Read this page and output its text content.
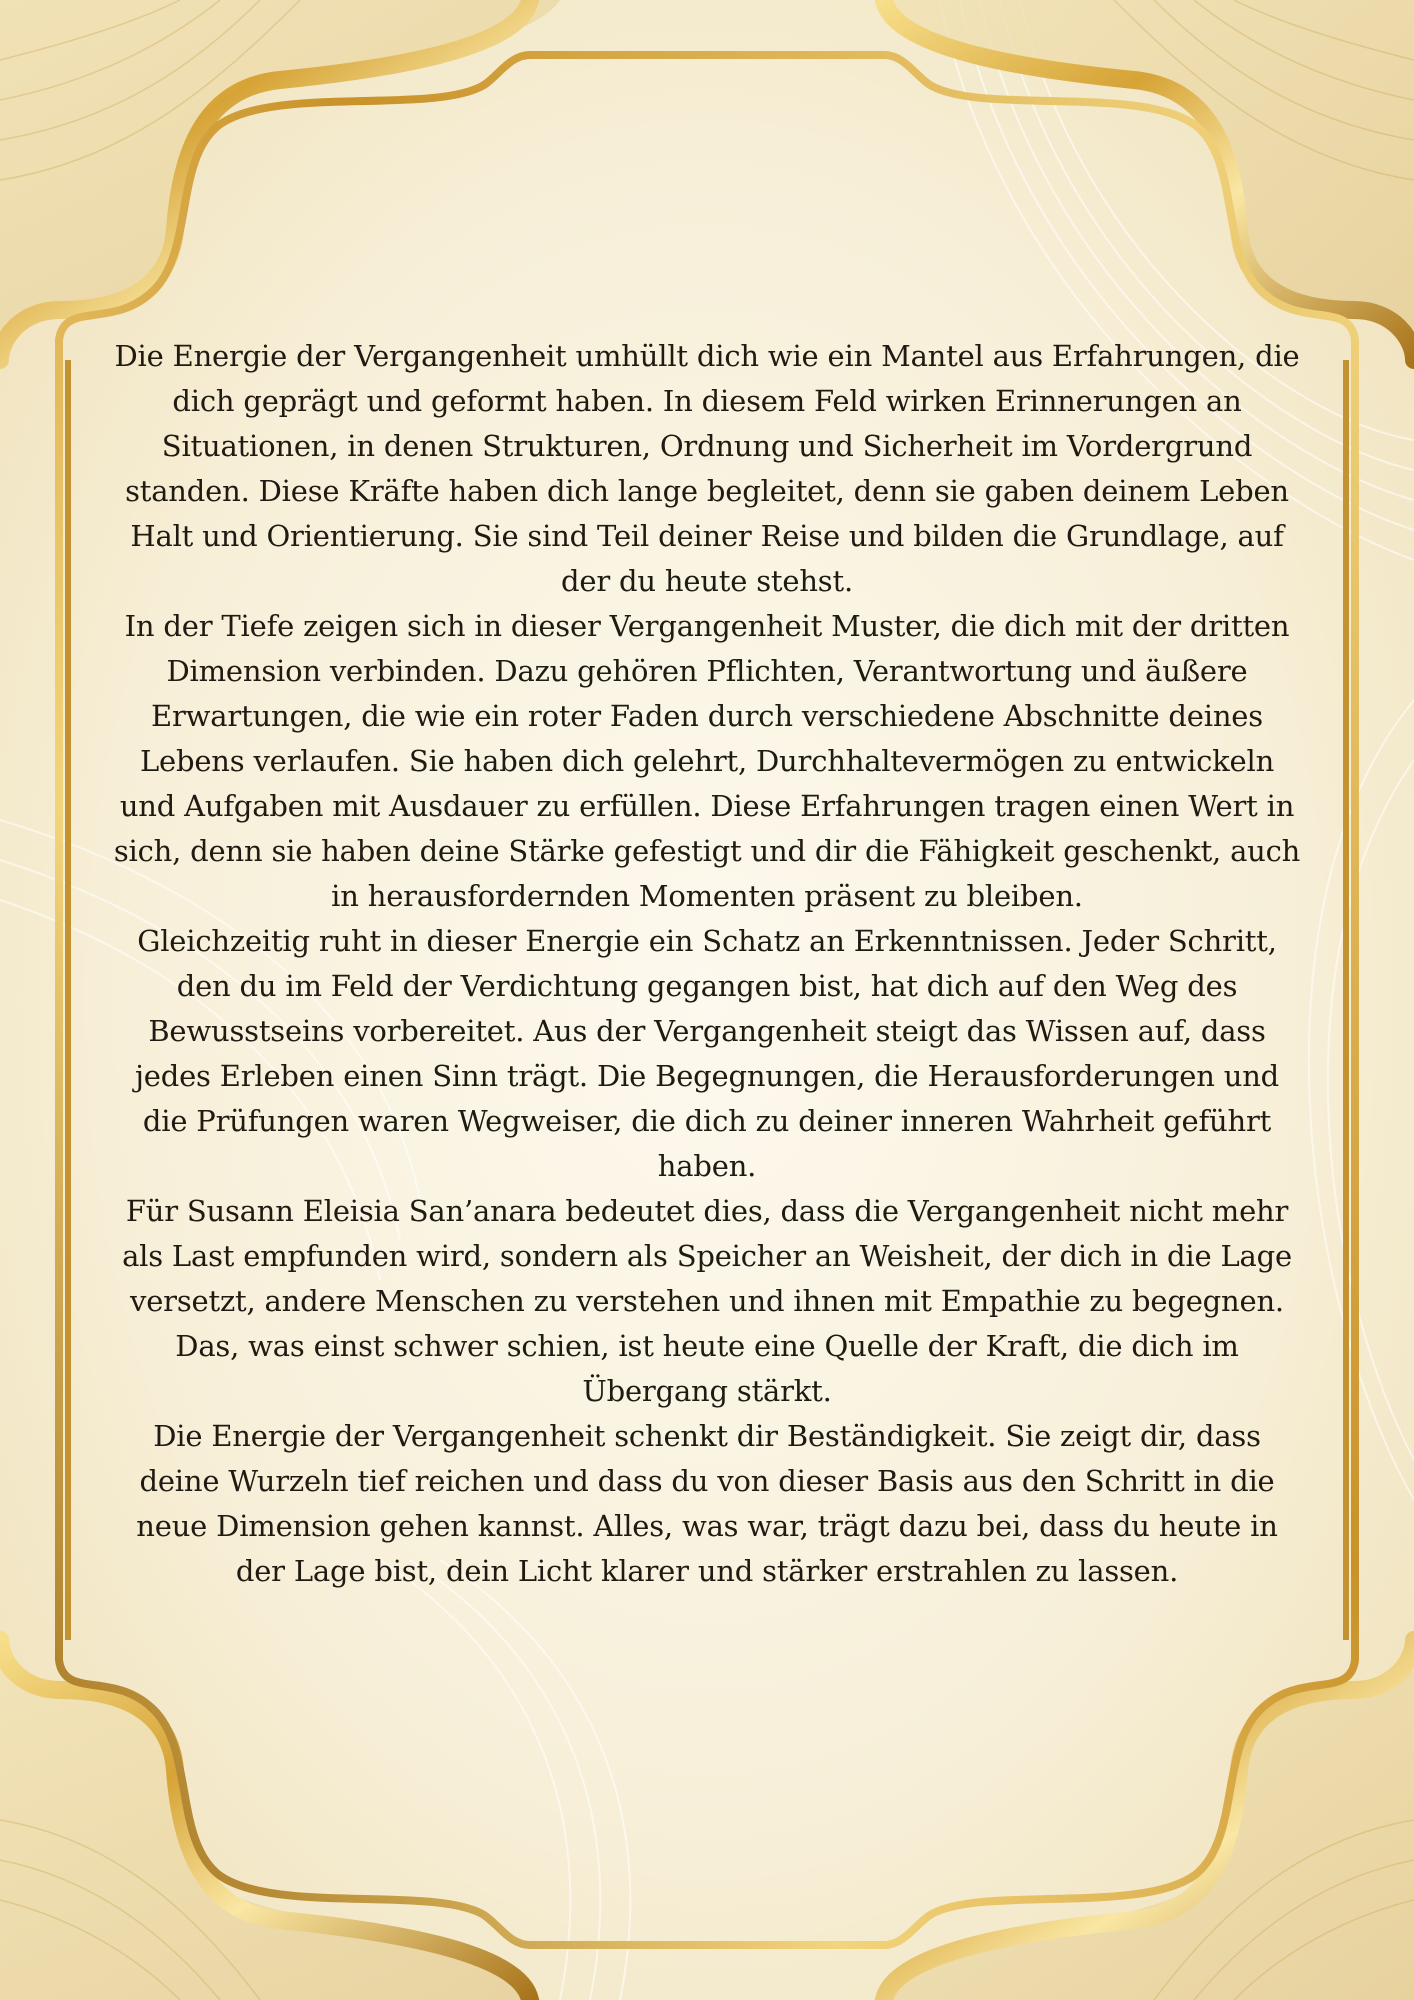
Die Energie der Vergangenheit umhüllt dich wie ein Mantel aus Erfahrungen, die dich geprägt und geformt haben. In diesem Feld wirken Erinnerungen an Situationen, in denen Strukturen, Ordnung und Sicherheit im Vordergrund standen. Diese Kräfte haben dich lange begleitet, denn sie gaben deinem Leben Halt und Orientierung. Sie sind Teil deiner Reise und bilden die Grundlage, auf der du heute stehst.

In der Tiefe zeigen sich in dieser Vergangenheit Muster, die dich mit der dritten Dimension verbinden. Dazu gehören Pflichten, Verantwortung und äußere Erwartungen, die wie ein roter Faden durch verschiedene Abschnitte deines Lebens verlaufen. Sie haben dich gelehrt, Durchhaltevermögen zu entwickeln und Aufgaben mit Ausdauer zu erfüllen. Diese Erfahrungen tragen einen Wert in sich, denn sie haben deine Stärke gefestigt und dir die Fähigkeit geschenkt, auch in herausfordernden Momenten präsent zu bleiben.

Gleichzeitig ruht in dieser Energie ein Schatz an Erkenntnissen. Jeder Schritt, den du im Feld der Verdichtung gegangen bist, hat dich auf den Weg des Bewusstseins vorbereitet. Aus der Vergangenheit steigt das Wissen auf, dass jedes Erleben einen Sinn trägt. Die Begegnungen, die Herausforderungen und die Prüfungen waren Wegweiser, die dich zu deiner inneren Wahrheit geführt haben.

Für Susann Eleisia San’anara bedeutet dies, dass die Vergangenheit nicht mehr als Last empfunden wird, sondern als Speicher an Weisheit, der dich in die Lage versetzt, andere Menschen zu verstehen und ihnen mit Empathie zu begegnen. Das, was einst schwer schien, ist heute eine Quelle der Kraft, die dich im Übergang stärkt.

Die Energie der Vergangenheit schenkt dir Beständigkeit. Sie zeigt dir, dass deine Wurzeln tief reichen und dass du von dieser Basis aus den Schritt in die neue Dimension gehen kannst. Alles, was war, trägt dazu bei, dass du heute in der Lage bist, dein Licht klarer und stärker erstrahlen zu lassen.
